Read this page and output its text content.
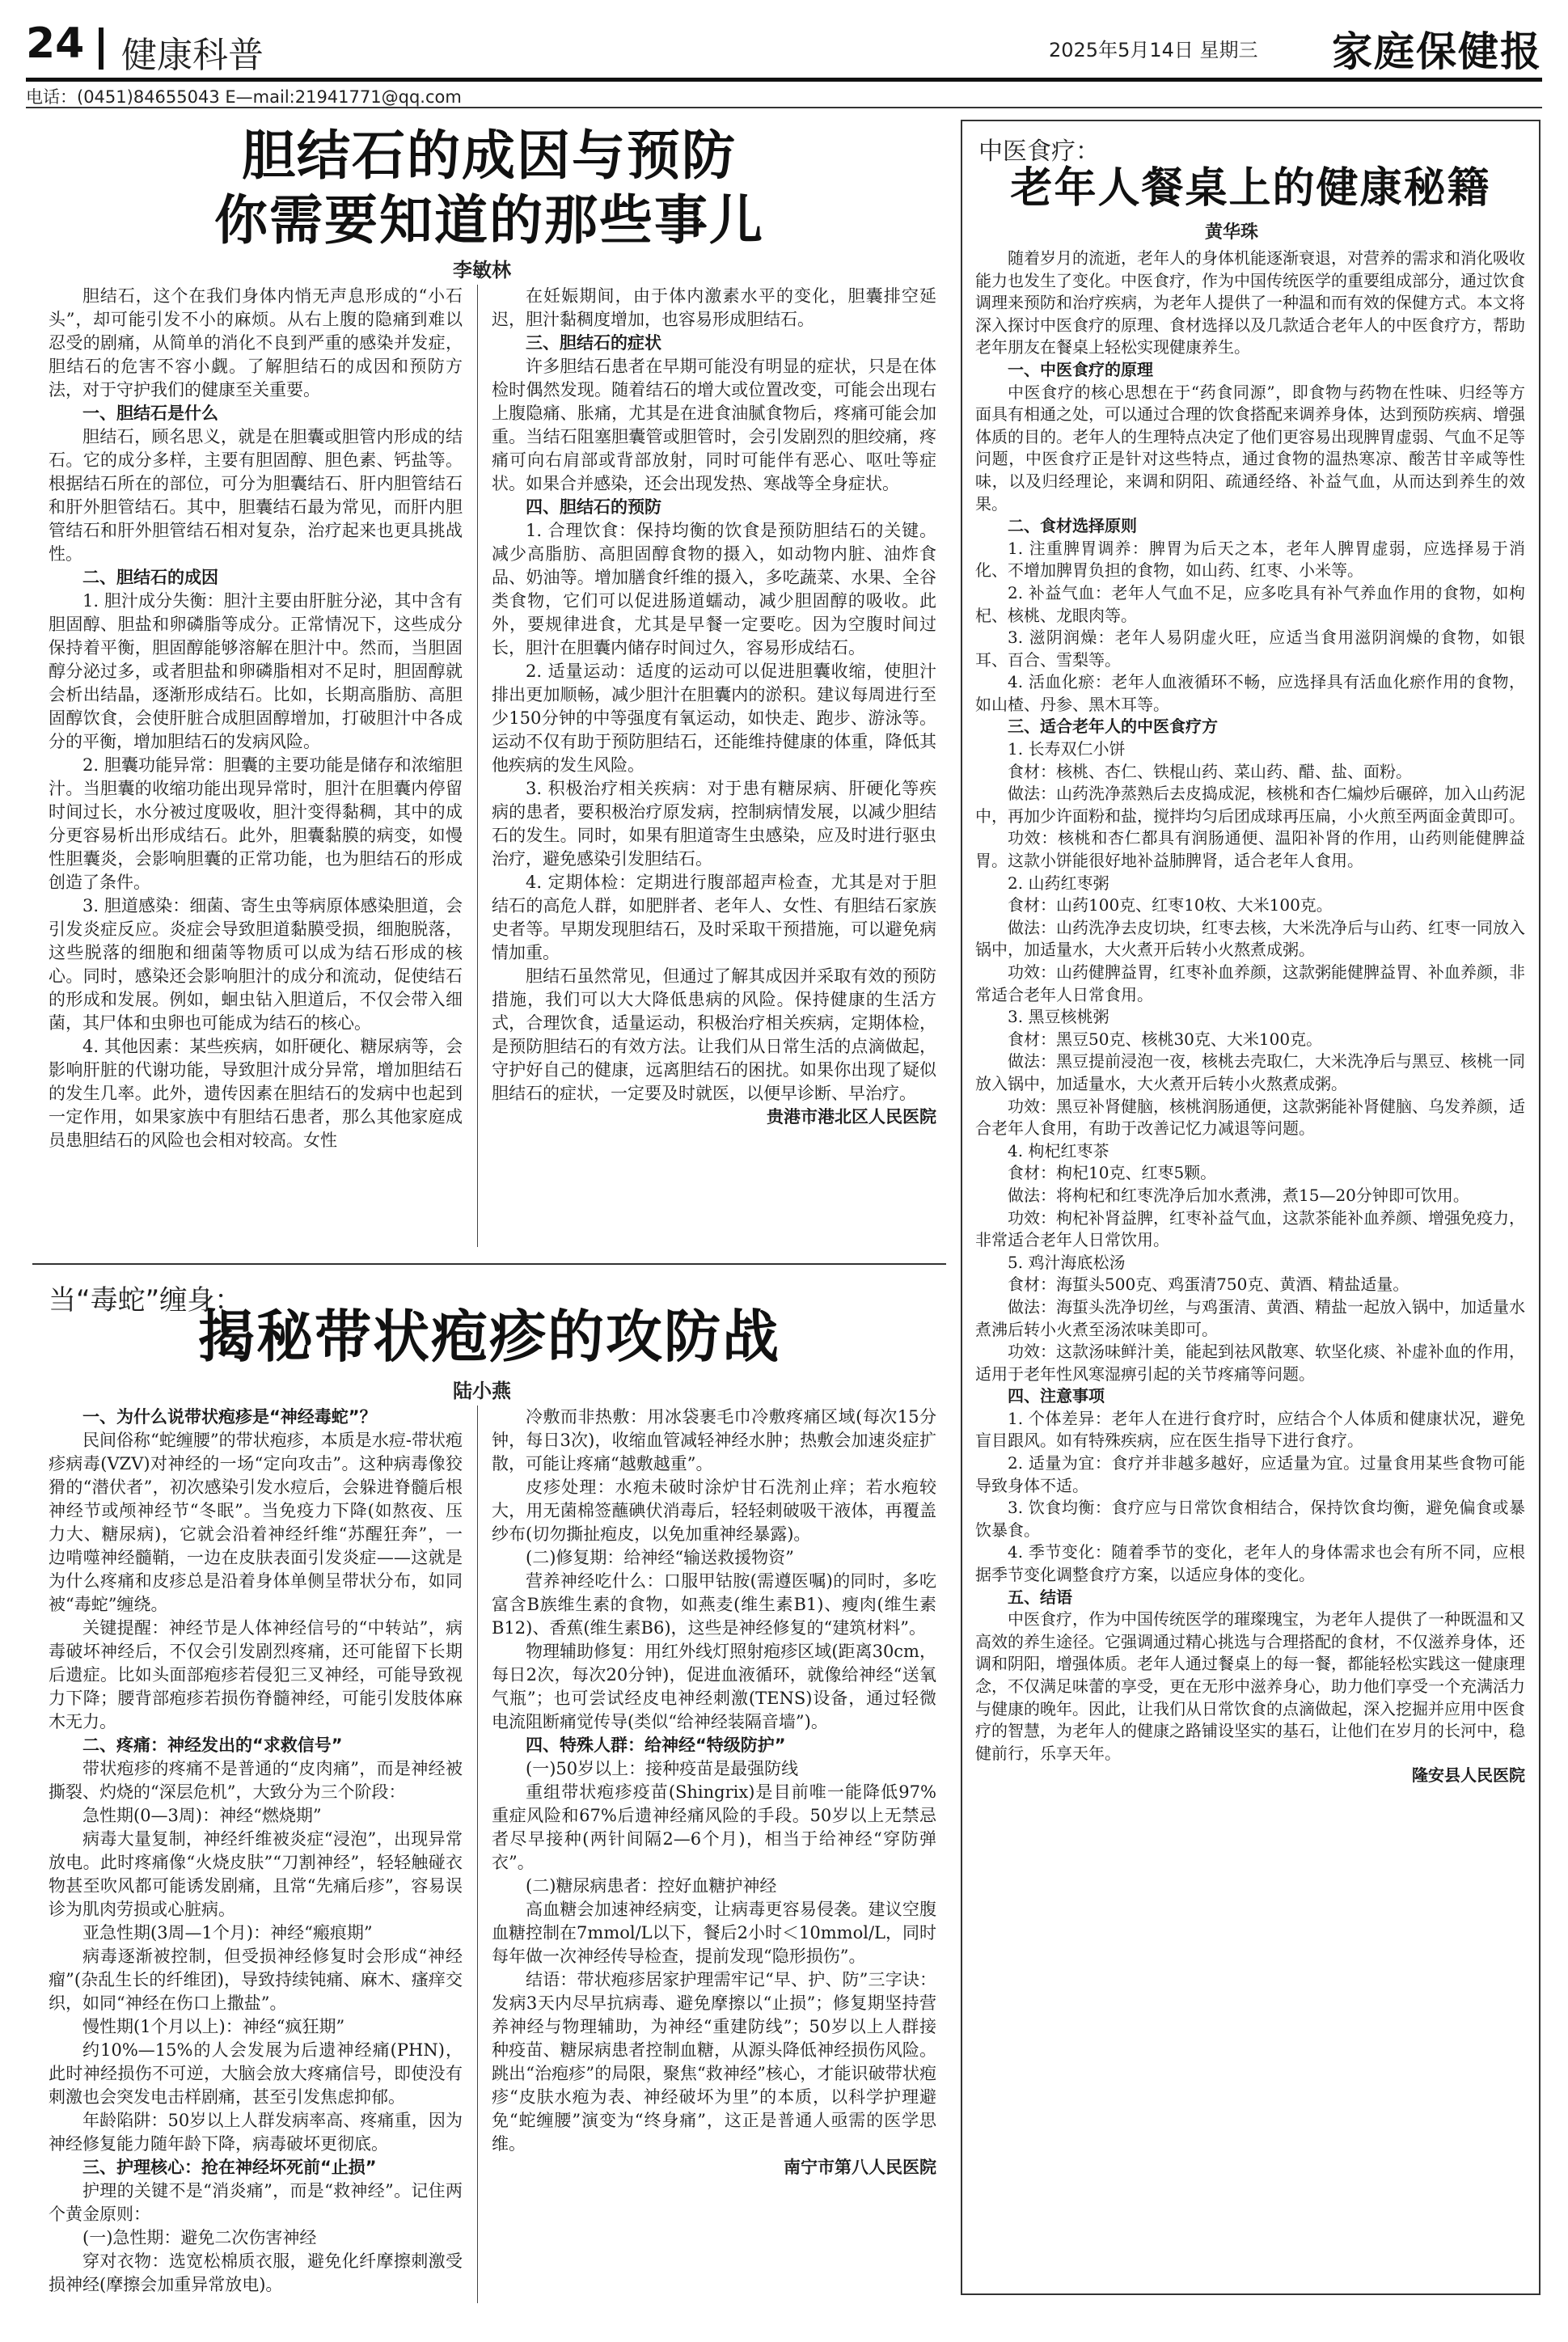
24 健康科普	2025年5月14日 星期三 家庭保健报
电话：(0451)84655043 E—mail:21941771@qq.com
胆结石的成因与预防
你需要知道的那些事儿
李敏林

胆结石，这个在我们身体内悄无声息形成的“小石头”，却可能引发不小的麻烦。从右上腹的隐痛到难以忍受的剧痛，从简单的消化不良到严重的感染并发症，胆结石的危害不容小觑。了解胆结石的成因和预防方法，对于守护我们的健康至关重要。

一、胆结石是什么

胆结石，顾名思义，就是在胆囊或胆管内形成的结石。它的成分多样，主要有胆固醇、胆色素、钙盐等。根据结石所在的部位，可分为胆囊结石、肝内胆管结石和肝外胆管结石。其中，胆囊结石最为常见，而肝内胆管结石和肝外胆管结石相对复杂，治疗起来也更具挑战性。

二、胆结石的成因

1. 胆汁成分失衡：胆汁主要由肝脏分泌，其中含有胆固醇、胆盐和卵磷脂等成分。正常情况下，这些成分保持着平衡，胆固醇能够溶解在胆汁中。然而，当胆固醇分泌过多，或者胆盐和卵磷脂相对不足时，胆固醇就会析出结晶，逐渐形成结石。比如，长期高脂肪、高胆固醇饮食，会使肝脏合成胆固醇增加，打破胆汁中各成分的平衡，增加胆结石的发病风险。

2. 胆囊功能异常：胆囊的主要功能是储存和浓缩胆汁。当胆囊的收缩功能出现异常时，胆汁在胆囊内停留时间过长，水分被过度吸收，胆汁变得黏稠，其中的成分更容易析出形成结石。此外，胆囊黏膜的病变，如慢性胆囊炎，会影响胆囊的正常功能，也为胆结石的形成创造了条件。

3. 胆道感染：细菌、寄生虫等病原体感染胆道，会引发炎症反应。炎症会导致胆道黏膜受损，细胞脱落，这些脱落的细胞和细菌等物质可以成为结石形成的核心。同时，感染还会影响胆汁的成分和流动，促使结石的形成和发展。例如，蛔虫钻入胆道后，不仅会带入细菌，其尸体和虫卵也可能成为结石的核心。

4. 其他因素：某些疾病，如肝硬化、糖尿病等，会影响肝脏的代谢功能，导致胆汁成分异常，增加胆结石的发生几率。此外，遗传因素在胆结石的发病中也起到一定作用，如果家族中有胆结石患者，那么其他家庭成员患胆结石的风险也会相对较高。女性

在妊娠期间，由于体内激素水平的变化，胆囊排空延迟，胆汁黏稠度增加，也容易形成胆结石。

三、胆结石的症状

许多胆结石患者在早期可能没有明显的症状，只是在体检时偶然发现。随着结石的增大或位置改变，可能会出现右上腹隐痛、胀痛，尤其是在进食油腻食物后，疼痛可能会加重。当结石阻塞胆囊管或胆管时，会引发剧烈的胆绞痛，疼痛可向右肩部或背部放射，同时可能伴有恶心、呕吐等症状。如果合并感染，还会出现发热、寒战等全身症状。

四、胆结石的预防

1. 合理饮食：保持均衡的饮食是预防胆结石的关键。减少高脂肪、高胆固醇食物的摄入，如动物内脏、油炸食品、奶油等。增加膳食纤维的摄入，多吃蔬菜、水果、全谷类食物，它们可以促进肠道蠕动，减少胆固醇的吸收。此外，要规律进食，尤其是早餐一定要吃。因为空腹时间过长，胆汁在胆囊内储存时间过久，容易形成结石。

2. 适量运动：适度的运动可以促进胆囊收缩，使胆汁排出更加顺畅，减少胆汁在胆囊内的淤积。建议每周进行至少150分钟的中等强度有氧运动，如快走、跑步、游泳等。运动不仅有助于预防胆结石，还能维持健康的体重，降低其他疾病的发生风险。

3. 积极治疗相关疾病：对于患有糖尿病、肝硬化等疾病的患者，要积极治疗原发病，控制病情发展，以减少胆结石的发生。同时，如果有胆道寄生虫感染，应及时进行驱虫治疗，避免感染引发胆结石。

4. 定期体检：定期进行腹部超声检查，尤其是对于胆结石的高危人群，如肥胖者、老年人、女性、有胆结石家族史者等。早期发现胆结石，及时采取干预措施，可以避免病情加重。

胆结石虽然常见，但通过了解其成因并采取有效的预防措施，我们可以大大降低患病的风险。保持健康的生活方式，合理饮食，适量运动，积极治疗相关疾病，定期体检，是预防胆结石的有效方法。让我们从日常生活的点滴做起，守护好自己的健康，远离胆结石的困扰。如果你出现了疑似胆结石的症状，一定要及时就医，以便早诊断、早治疗。

贵港市港北区人民医院

当“毒蛇”缠身：
揭秘带状疱疹的攻防战
陆小燕

一、为什么说带状疱疹是“神经毒蛇”？

民间俗称“蛇缠腰”的带状疱疹，本质是水痘-带状疱疹病毒(VZV)对神经的一场“定向攻击”。这种病毒像狡猾的“潜伏者”，初次感染引发水痘后，会躲进脊髓后根神经节或颅神经节“冬眠”。当免疫力下降(如熬夜、压力大、糖尿病)，它就会沿着神经纤维“苏醒狂奔”，一边啃噬神经髓鞘，一边在皮肤表面引发炎症——这就是为什么疼痛和皮疹总是沿着身体单侧呈带状分布，如同被“毒蛇”缠绕。

关键提醒：神经节是人体神经信号的“中转站”，病毒破坏神经后，不仅会引发剧烈疼痛，还可能留下长期后遗症。比如头面部疱疹若侵犯三叉神经，可能导致视力下降；腰背部疱疹若损伤脊髓神经，可能引发肢体麻木无力。

二、疼痛：神经发出的“求救信号”

带状疱疹的疼痛不是普通的“皮肉痛”，而是神经被撕裂、灼烧的“深层危机”，大致分为三个阶段：

急性期(0—3周)：神经“燃烧期”

病毒大量复制，神经纤维被炎症“浸泡”，出现异常放电。此时疼痛像“火烧皮肤”“刀割神经”，轻轻触碰衣物甚至吹风都可能诱发剧痛，且常“先痛后疹”，容易误诊为肌肉劳损或心脏病。

亚急性期(3周—1个月)：神经“瘢痕期”

病毒逐渐被控制，但受损神经修复时会形成“神经瘤”(杂乱生长的纤维团)，导致持续钝痛、麻木、瘙痒交织，如同“神经在伤口上撒盐”。

慢性期(1个月以上)：神经“疯狂期”

约10%—15%的人会发展为后遗神经痛(PHN)，此时神经损伤不可逆，大脑会放大疼痛信号，即使没有刺激也会突发电击样剧痛，甚至引发焦虑抑郁。

年龄陷阱：50岁以上人群发病率高、疼痛重，因为神经修复能力随年龄下降，病毒破坏更彻底。

三、护理核心：抢在神经坏死前“止损”

护理的关键不是“消炎痛”，而是“救神经”。记住两个黄金原则：

(一)急性期：避免二次伤害神经

穿对衣物：选宽松棉质衣服，避免化纤摩擦刺激受损神经(摩擦会加重异常放电)。

冷敷而非热敷：用冰袋裹毛巾冷敷疼痛区域(每次15分钟，每日3次)，收缩血管减轻神经水肿；热敷会加速炎症扩散，可能让疼痛“越敷越重”。

皮疹处理：水疱未破时涂炉甘石洗剂止痒；若水疱较大，用无菌棉签蘸碘伏消毒后，轻轻刺破吸干液体，再覆盖纱布(切勿撕扯疱皮，以免加重神经暴露)。

(二)修复期：给神经“输送救援物资”

营养神经吃什么：口服甲钴胺(需遵医嘱)的同时，多吃富含B族维生素的食物，如燕麦(维生素B1)、瘦肉(维生素B12)、香蕉(维生素B6)，这些是神经修复的“建筑材料”。

物理辅助修复：用红外线灯照射疱疹区域(距离30cm，每日2次，每次20分钟)，促进血液循环，就像给神经“送氧气瓶”；也可尝试经皮电神经刺激(TENS)设备，通过轻微电流阻断痛觉传导(类似“给神经装隔音墙”)。

四、特殊人群：给神经“特级防护”

(一)50岁以上：接种疫苗是最强防线

重组带状疱疹疫苗(Shingrix)是目前唯一能降低97%重症风险和67%后遗神经痛风险的手段。50岁以上无禁忌者尽早接种(两针间隔2—6个月)，相当于给神经“穿防弹衣”。

(二)糖尿病患者：控好血糖护神经

高血糖会加速神经病变，让病毒更容易侵袭。建议空腹血糖控制在7mmol/L以下，餐后2小时＜10mmol/L，同时每年做一次神经传导检查，提前发现“隐形损伤”。

结语：带状疱疹居家护理需牢记“早、护、防”三字诀：发病3天内尽早抗病毒、避免摩擦以“止损”；修复期坚持营养神经与物理辅助，为神经“重建防线”；50岁以上人群接种疫苗、糖尿病患者控制血糖，从源头降低神经损伤风险。跳出“治疱疹”的局限，聚焦“救神经”核心，才能识破带状疱疹“皮肤水疱为表、神经破坏为里”的本质，以科学护理避免“蛇缠腰”演变为“终身痛”，这正是普通人亟需的医学思维。

南宁市第八人民医院

中医食疗：
老年人餐桌上的健康秘籍
黄华珠

随着岁月的流逝，老年人的身体机能逐渐衰退，对营养的需求和消化吸收能力也发生了变化。中医食疗，作为中国传统医学的重要组成部分，通过饮食调理来预防和治疗疾病，为老年人提供了一种温和而有效的保健方式。本文将深入探讨中医食疗的原理、食材选择以及几款适合老年人的中医食疗方，帮助老年朋友在餐桌上轻松实现健康养生。

一、中医食疗的原理

中医食疗的核心思想在于“药食同源”，即食物与药物在性味、归经等方面具有相通之处，可以通过合理的饮食搭配来调养身体，达到预防疾病、增强体质的目的。老年人的生理特点决定了他们更容易出现脾胃虚弱、气血不足等问题，中医食疗正是针对这些特点，通过食物的温热寒凉、酸苦甘辛咸等性味，以及归经理论，来调和阴阳、疏通经络、补益气血，从而达到养生的效果。

二、食材选择原则

1. 注重脾胃调养：脾胃为后天之本，老年人脾胃虚弱，应选择易于消化、不增加脾胃负担的食物，如山药、红枣、小米等。

2. 补益气血：老年人气血不足，应多吃具有补气养血作用的食物，如枸杞、核桃、龙眼肉等。

3. 滋阴润燥：老年人易阴虚火旺，应适当食用滋阴润燥的食物，如银耳、百合、雪梨等。

4. 活血化瘀：老年人血液循环不畅，应选择具有活血化瘀作用的食物，如山楂、丹参、黑木耳等。

三、适合老年人的中医食疗方

1. 长寿双仁小饼

食材：核桃、杏仁、铁棍山药、菜山药、醋、盐、面粉。

做法：山药洗净蒸熟后去皮捣成泥，核桃和杏仁煸炒后碾碎，加入山药泥中，再加少许面粉和盐，搅拌均匀后团成球再压扁，小火煎至两面金黄即可。

功效：核桃和杏仁都具有润肠通便、温阳补肾的作用，山药则能健脾益胃。这款小饼能很好地补益肺脾肾，适合老年人食用。

2. 山药红枣粥

食材：山药100克、红枣10枚、大米100克。

做法：山药洗净去皮切块，红枣去核，大米洗净后与山药、红枣一同放入锅中，加适量水，大火煮开后转小火熬煮成粥。

功效：山药健脾益胃，红枣补血养颜，这款粥能健脾益胃、补血养颜，非常适合老年人日常食用。

3. 黑豆核桃粥

食材：黑豆50克、核桃30克、大米100克。

做法：黑豆提前浸泡一夜，核桃去壳取仁，大米洗净后与黑豆、核桃一同放入锅中，加适量水，大火煮开后转小火熬煮成粥。

功效：黑豆补肾健脑，核桃润肠通便，这款粥能补肾健脑、乌发养颜，适合老年人食用，有助于改善记忆力减退等问题。

4. 枸杞红枣茶

食材：枸杞10克、红枣5颗。

做法：将枸杞和红枣洗净后加水煮沸，煮15—20分钟即可饮用。

功效：枸杞补肾益脾，红枣补益气血，这款茶能补血养颜、增强免疫力，非常适合老年人日常饮用。

5. 鸡汁海底松汤

食材：海蜇头500克、鸡蛋清750克、黄酒、精盐适量。

做法：海蜇头洗净切丝，与鸡蛋清、黄酒、精盐一起放入锅中，加适量水煮沸后转小火煮至汤浓味美即可。

功效：这款汤味鲜汁美，能起到祛风散寒、软坚化痰、补虚补血的作用，适用于老年性风寒湿痹引起的关节疼痛等问题。

四、注意事项

1. 个体差异：老年人在进行食疗时，应结合个人体质和健康状况，避免盲目跟风。如有特殊疾病，应在医生指导下进行食疗。

2. 适量为宜：食疗并非越多越好，应适量为宜。过量食用某些食物可能导致身体不适。

3. 饮食均衡：食疗应与日常饮食相结合，保持饮食均衡，避免偏食或暴饮暴食。

4. 季节变化：随着季节的变化，老年人的身体需求也会有所不同，应根据季节变化调整食疗方案，以适应身体的变化。

五、结语

中医食疗，作为中国传统医学的璀璨瑰宝，为老年人提供了一种既温和又高效的养生途径。它强调通过精心挑选与合理搭配的食材，不仅滋养身体，还调和阴阳，增强体质。老年人通过餐桌上的每一餐，都能轻松实践这一健康理念，不仅满足味蕾的享受，更在无形中滋养身心，助力他们享受一个充满活力与健康的晚年。因此，让我们从日常饮食的点滴做起，深入挖掘并应用中医食疗的智慧，为老年人的健康之路铺设坚实的基石，让他们在岁月的长河中，稳健前行，乐享天年。

隆安县人民医院
